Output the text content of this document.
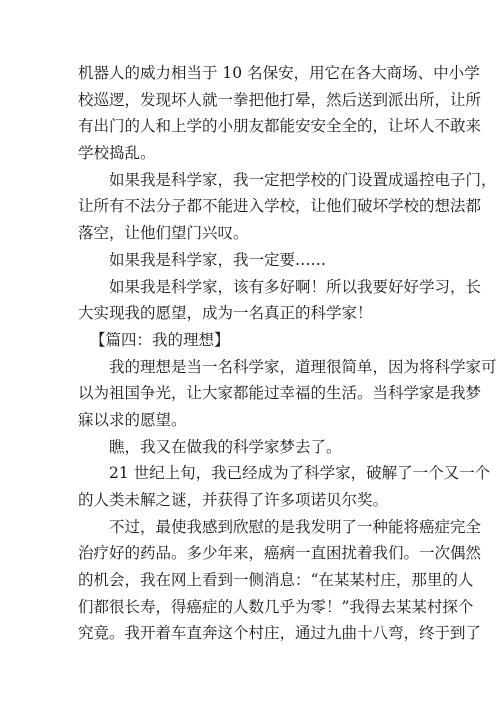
机器人的威力相当于 10 名保安，用它在各大商场、中小学
校巡逻，发现坏人就一拳把他打晕，然后送到派出所，让所
有出门的人和上学的小朋友都能安安全全的，让坏人不敢来
学校捣乱。
如果我是科学家，我一定把学校的门设置成遥控电子门，
让所有不法分子都不能进入学校，让他们破坏学校的想法都
落空，让他们望门兴叹。
如果我是科学家，我一定要……
如果我是科学家，该有多好啊！所以我要好好学习，长
大实现我的愿望，成为一名真正的科学家！
【篇四：我的理想】
我的理想是当一名科学家，道理很简单，因为将科学家可
以为祖国争光，让大家都能过幸福的生活。当科学家是我梦
寐以求的愿望。
瞧，我又在做我的科学家梦去了。
21 世纪上旬，我已经成为了科学家，破解了一个又一个
的人类未解之谜，并获得了许多项诺贝尔奖。
不过，最使我感到欣慰的是我发明了一种能将癌症完全
治疗好的药品。多少年来，癌病一直困扰着我们。一次偶然
的机会，我在网上看到一侧消息：“在某某村庄，那里的人
们都很长寿，得癌症的人数几乎为零！”我得去某某村探个
究竟。我开着车直奔这个村庄，通过九曲十八弯，终于到了
